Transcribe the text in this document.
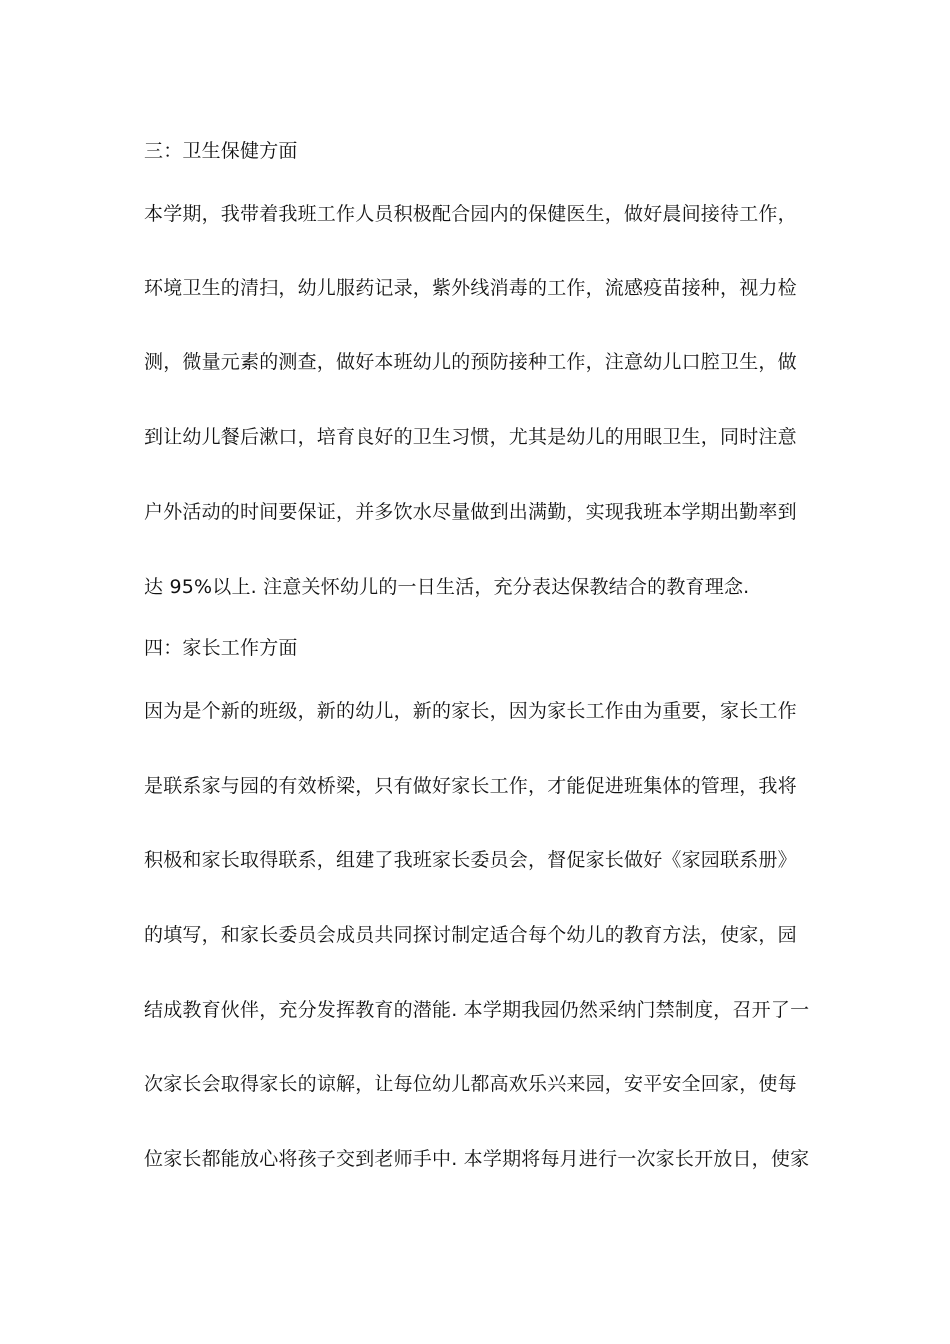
三：卫生保健方面
本学期，我带着我班工作人员积极配合园内的保健医生，做好晨间接待工作，
环境卫生的清扫，幼儿服药记录，紫外线消毒的工作，流感疫苗接种，视力检
测，微量元素的测查，做好本班幼儿的预防接种工作，注意幼儿口腔卫生，做
到让幼儿餐后漱口，培育良好的卫生习惯，尤其是幼儿的用眼卫生，同时注意
户外活动的时间要保证，并多饮水尽量做到出满勤，实现我班本学期出勤率到
达 95%以上. 注意关怀幼儿的一日生活，充分表达保教结合的教育理念.
四：家长工作方面
因为是个新的班级，新的幼儿，新的家长，因为家长工作由为重要，家长工作
是联系家与园的有效桥梁，只有做好家长工作，才能促进班集体的管理，我将
积极和家长取得联系，组建了我班家长委员会，督促家长做好《家园联系册》
的填写，和家长委员会成员共同探讨制定适合每个幼儿的教育方法，使家，园
结成教育伙伴，充分发挥教育的潜能. 本学期我园仍然采纳门禁制度，召开了一
次家长会取得家长的谅解，让每位幼儿都高欢乐兴来园，安平安全回家，使每
位家长都能放心将孩子交到老师手中. 本学期将每月进行一次家长开放日，使家
